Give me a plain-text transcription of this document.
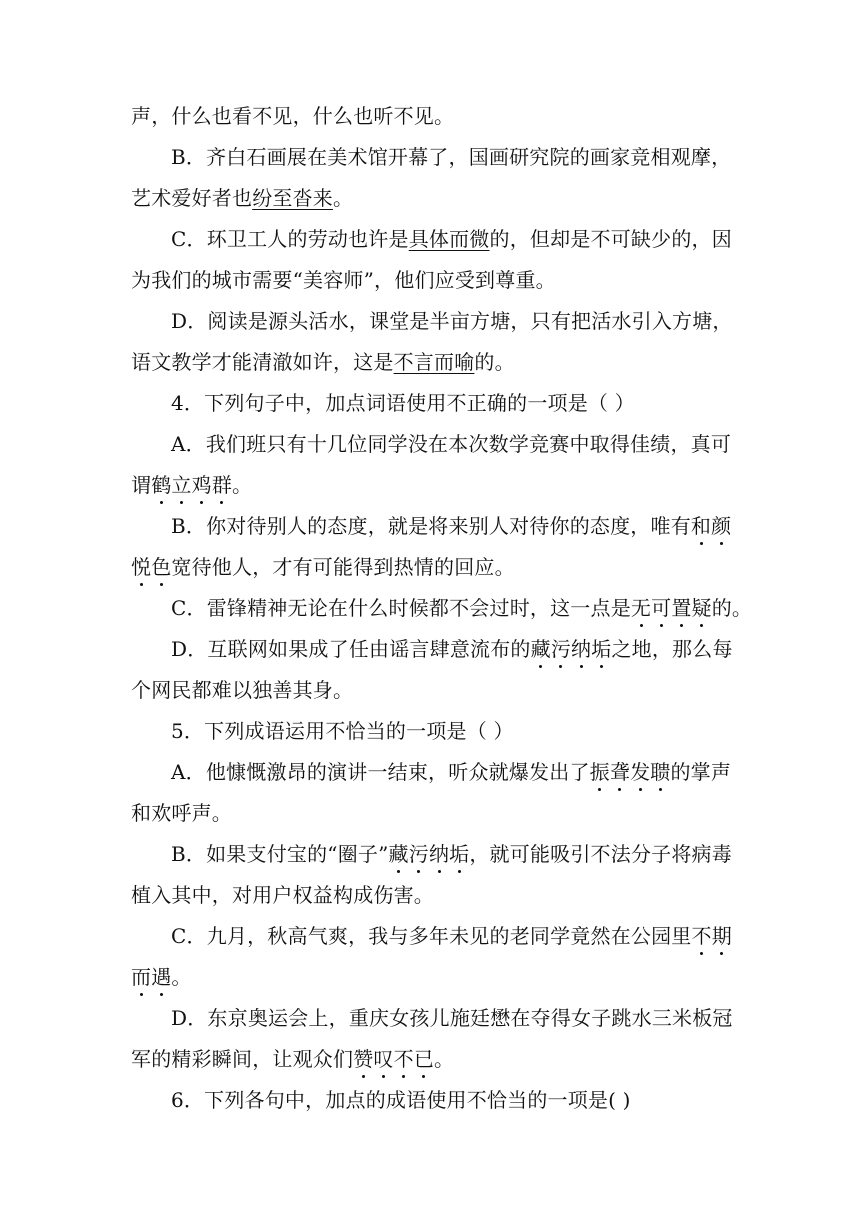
声，什么也看不见，什么也听不见。
B．齐白石画展在美术馆开幕了，国画研究院的画家竞相观摩，
艺术爱好者也纷至沓来。
C．环卫工人的劳动也许是具体而微的，但却是不可缺少的，因
为我们的城市需要“美容师”，他们应受到尊重。
D．阅读是源头活水，课堂是半亩方塘，只有把活水引入方塘，
语文教学才能清澈如许，这是不言而喻的。
4．下列句子中，加点词语使用不正确的一项是（ ）
A．我们班只有十几位同学没在本次数学竞赛中取得佳绩，真可
谓鹤立鸡群。
B．你对待别人的态度，就是将来别人对待你的态度，唯有和颜
悦色宽待他人，才有可能得到热情的回应。
C．雷锋精神无论在什么时候都不会过时，这一点是无可置疑的。
D．互联网如果成了任由谣言肆意流布的藏污纳垢之地，那么每
个网民都难以独善其身。
5．下列成语运用不恰当的一项是（ ）
A．他慷慨激昂的演讲一结束，听众就爆发出了振聋发聩的掌声
和欢呼声。
B．如果支付宝的“圈子”藏污纳垢，就可能吸引不法分子将病毒
植入其中，对用户权益构成伤害。
C．九月，秋高气爽，我与多年未见的老同学竟然在公园里不期
而遇。
D．东京奥运会上，重庆女孩儿施廷懋在夺得女子跳水三米板冠
军的精彩瞬间，让观众们赞叹不已。
6．下列各句中，加点的成语使用不恰当的一项是( )
